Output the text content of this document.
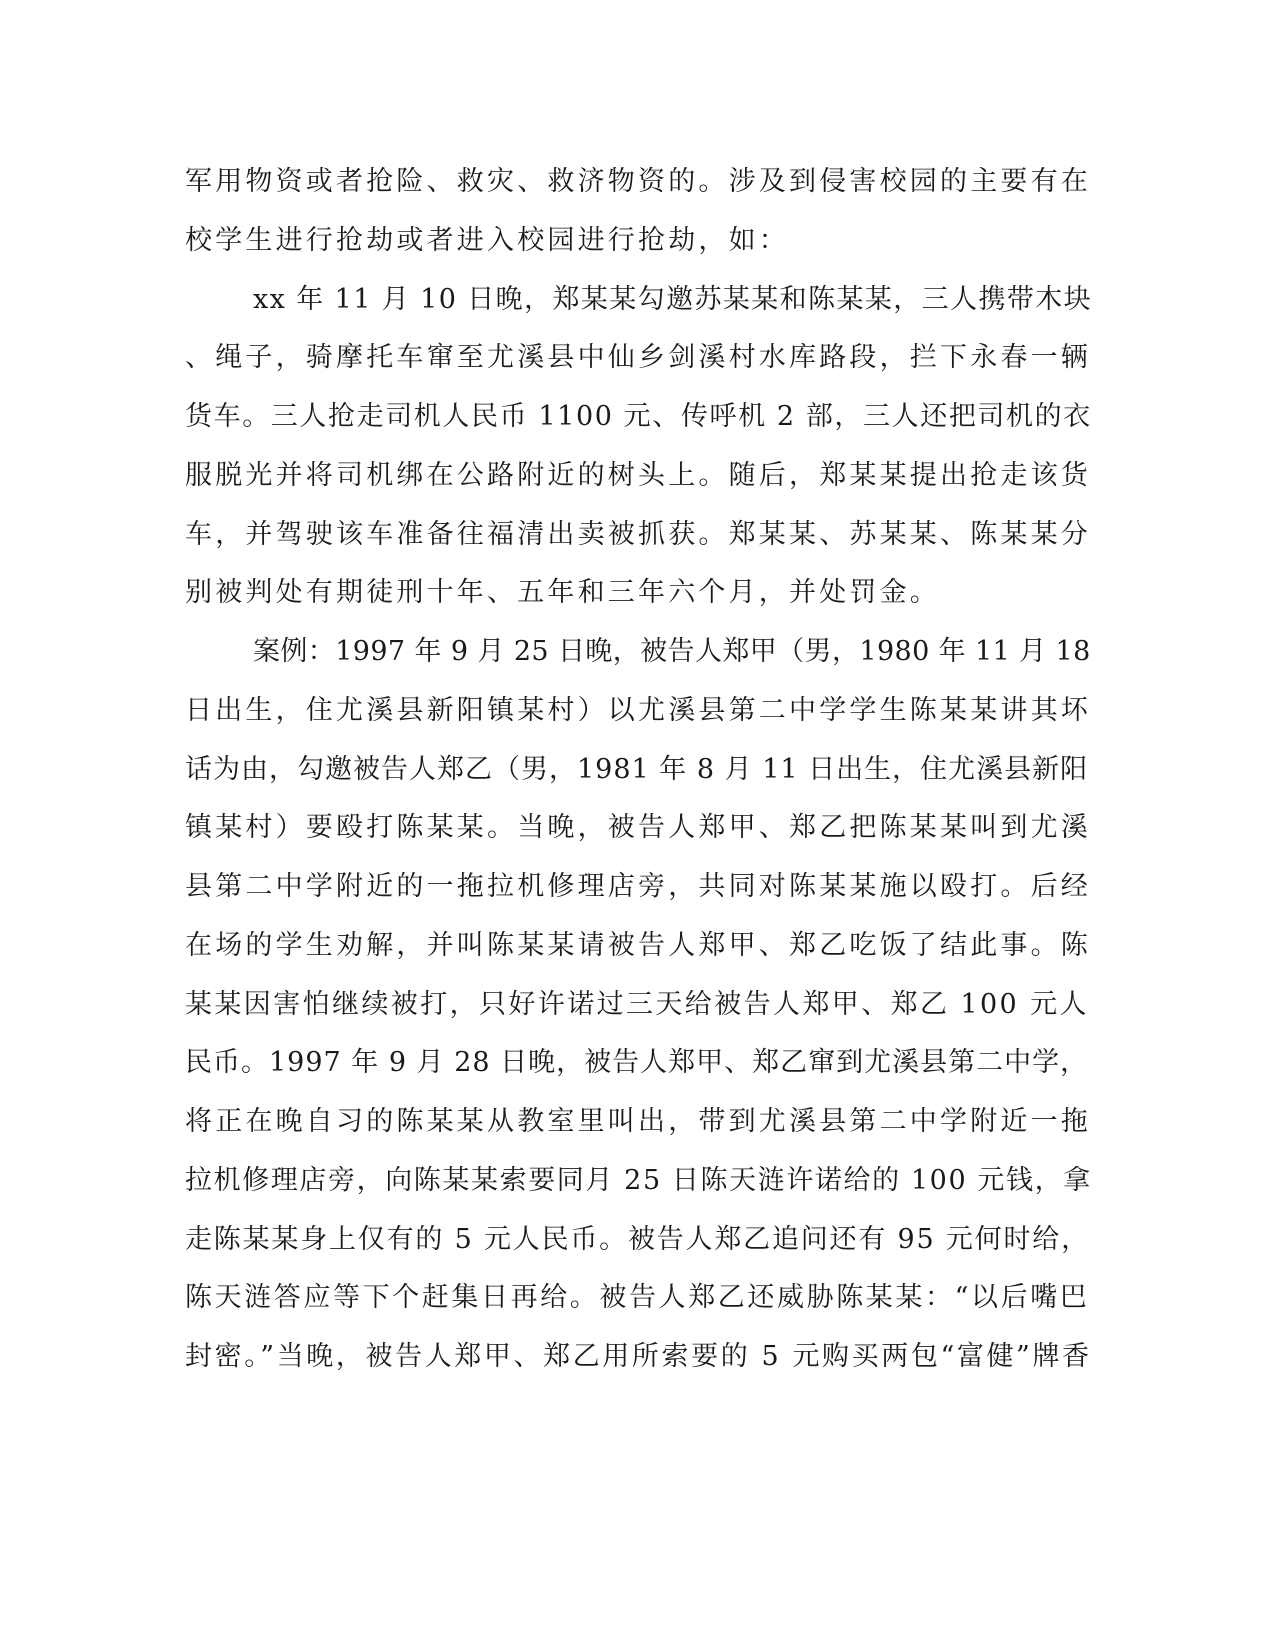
军用物资或者抢险、救灾、救济物资的。涉及到侵害校园的主要有在
校学生进行抢劫或者进入校园进行抢劫，如：
xx 年 11 月 10 日晚，郑某某勾邀苏某某和陈某某，三人携带木块
、绳子，骑摩托车窜至尤溪县中仙乡剑溪村水库路段，拦下永春一辆
货车。三人抢走司机人民币 1100 元、传呼机 2 部，三人还把司机的衣
服脱光并将司机绑在公路附近的树头上。随后，郑某某提出抢走该货
车，并驾驶该车准备往福清出卖被抓获。郑某某、苏某某、陈某某分
别被判处有期徒刑十年、五年和三年六个月，并处罚金。
案例：1997 年 9 月 25 日晚，被告人郑甲（男，1980 年 11 月 18
日出生，住尤溪县新阳镇某村）以尤溪县第二中学学生陈某某讲其坏
话为由，勾邀被告人郑乙（男，1981 年 8 月 11 日出生，住尤溪县新阳
镇某村）要殴打陈某某。当晚，被告人郑甲、郑乙把陈某某叫到尤溪
县第二中学附近的一拖拉机修理店旁，共同对陈某某施以殴打。后经
在场的学生劝解，并叫陈某某请被告人郑甲、郑乙吃饭了结此事。陈
某某因害怕继续被打，只好许诺过三天给被告人郑甲、郑乙 100 元人
民币。1997 年 9 月 28 日晚，被告人郑甲、郑乙窜到尤溪县第二中学，
将正在晚自习的陈某某从教室里叫出，带到尤溪县第二中学附近一拖
拉机修理店旁，向陈某某索要同月 25 日陈天涟许诺给的 100 元钱，拿
走陈某某身上仅有的 5 元人民币。被告人郑乙追问还有 95 元何时给，
陈天涟答应等下个赶集日再给。被告人郑乙还威胁陈某某：“以后嘴巴
封密。”当晚，被告人郑甲、郑乙用所索要的 5 元购买两包“富健”牌香
